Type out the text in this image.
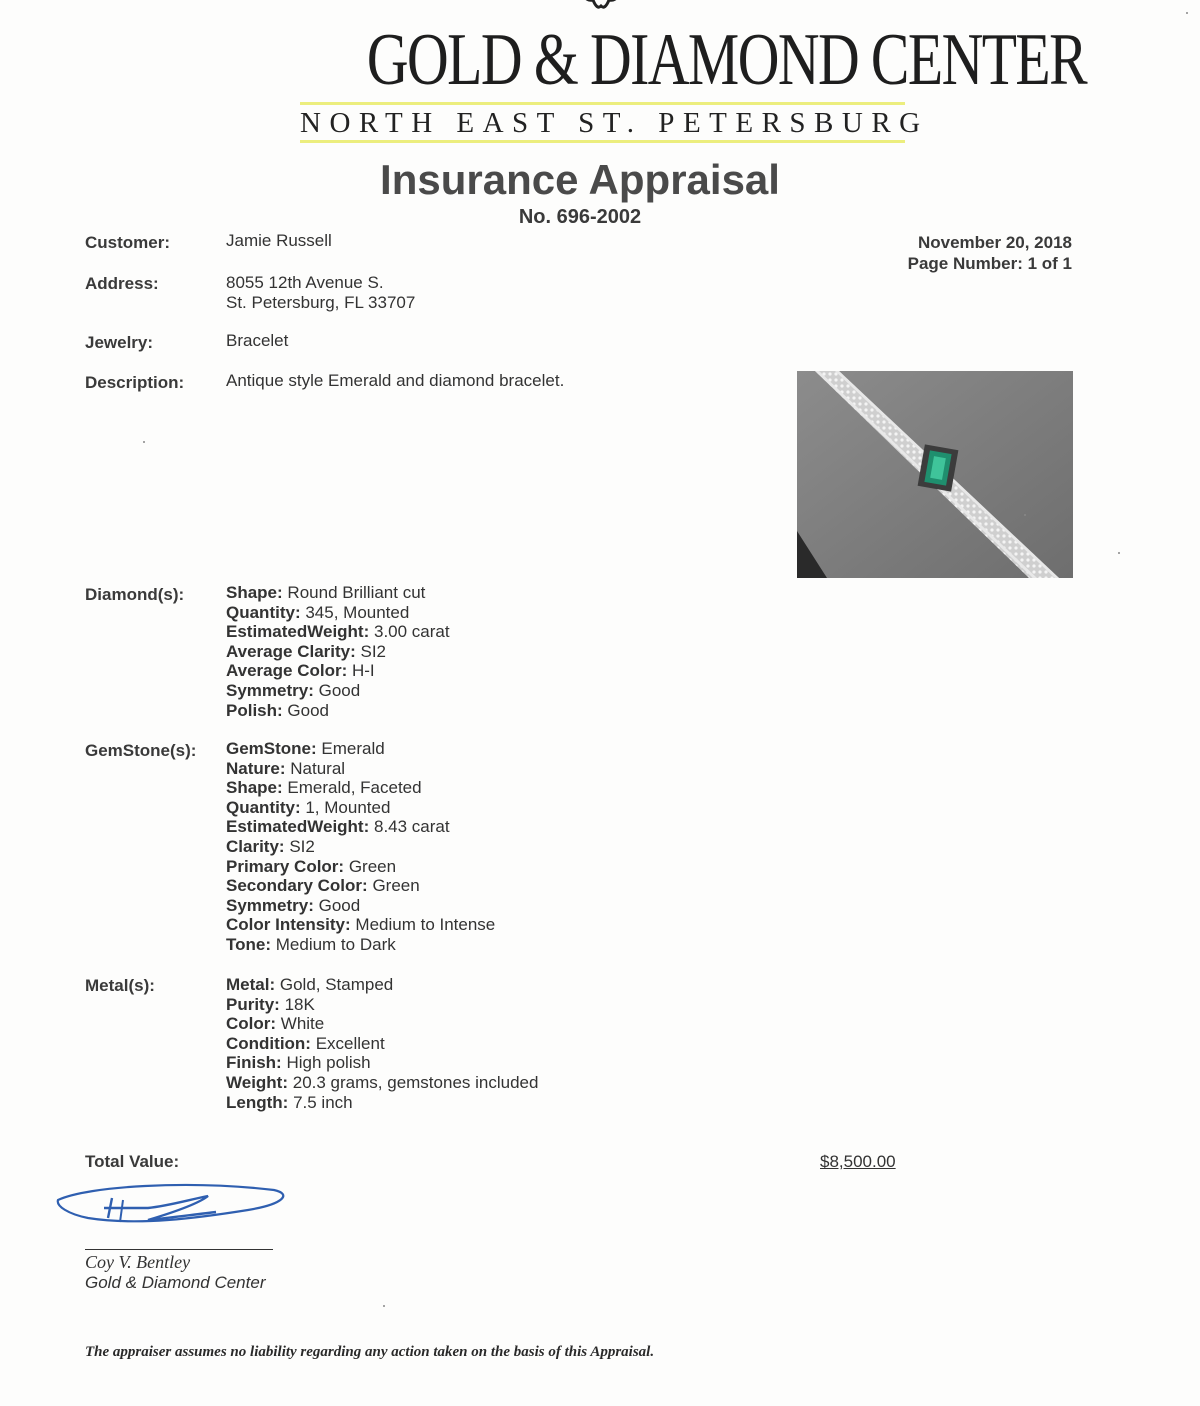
GOLD & DIAMOND CENTER
NORTH EAST ST. PETERSBURG
Insurance Appraisal
No. 696-2002
November 20, 2018
Page Number: 1 of 1
Customer:	Jamie Russell
Address:	8055 12th Avenue S.
St. Petersburg, FL 33707
Jewelry:	Bracelet
Description: Antique style Emerald and diamond bracelet.
Diamond(s): Shape: Round Brilliant cut
Quantity: 345, Mounted
EstimatedWeight: 3.00 carat
Average Clarity: SI2
Average Color: H-I
Symmetry: Good
Polish: Good
GemStone(s): GemStone: Emerald
Nature: Natural
Shape: Emerald, Faceted
Quantity: 1, Mounted
EstimatedWeight: 8.43 carat
Clarity: SI2
Primary Color: Green
Secondary Color: Green
Symmetry: Good
Color Intensity: Medium to Intense
Tone: Medium to Dark
Metal(s):	Metal: Gold, Stamped
Purity: 18K
Color: White
Condition: Excellent
Finish: High polish
Weight: 20.3 grams, gemstones included
Length: 7.5 inch
Total Value:	$8,500.00
Coy V. Bentley
Gold & Diamond Center
The appraiser assumes no liability regarding any action taken on the basis of this Appraisal.
